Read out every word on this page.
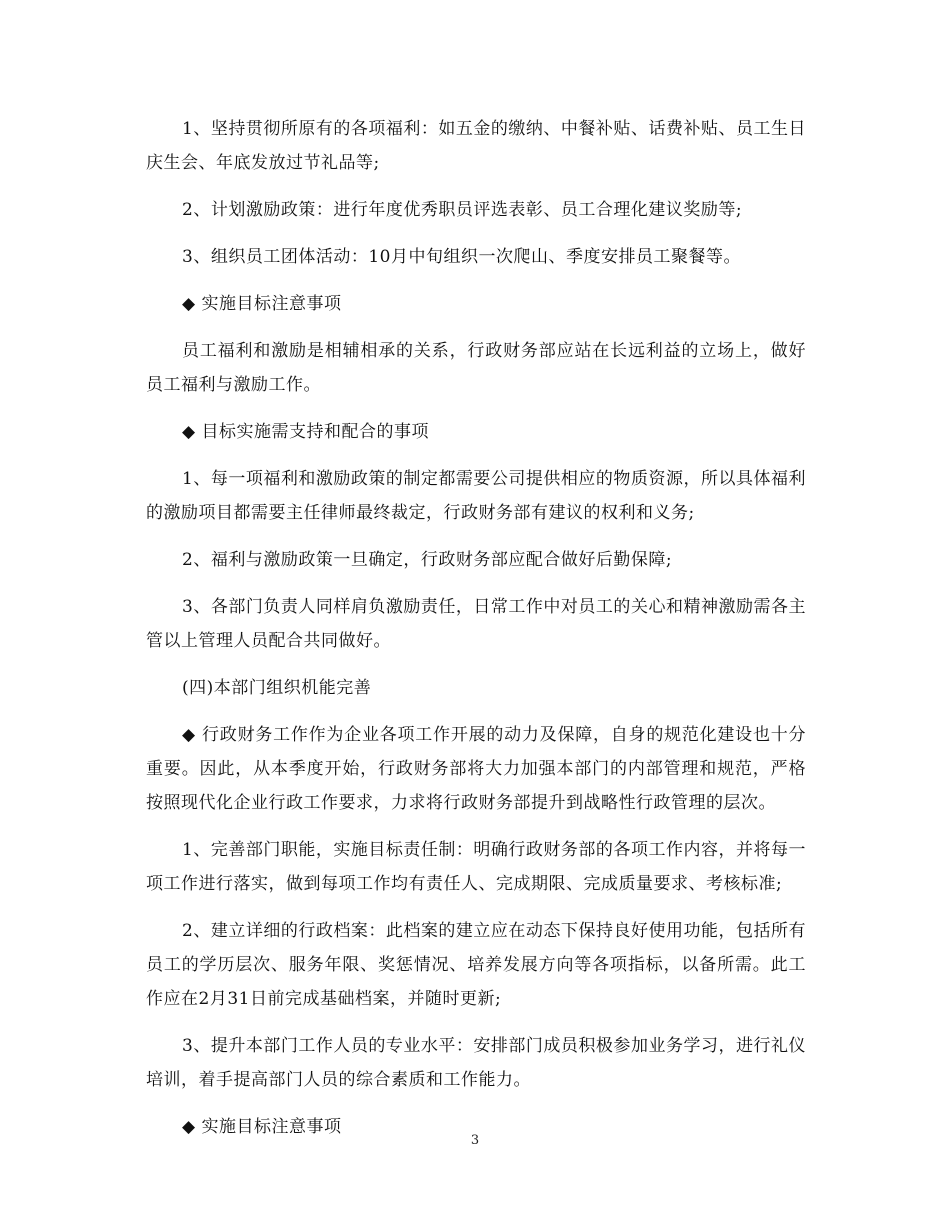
1、坚持贯彻所原有的各项福利：如五金的缴纳、中餐补贴、话费补贴、员工生日庆生会、年底发放过节礼品等;

2、计划激励政策：进行年度优秀职员评选表彰、员工合理化建议奖励等;

3、组织员工团体活动：10月中旬组织一次爬山、季度安排员工聚餐等。

◆ 实施目标注意事项

员工福利和激励是相辅相承的关系，行政财务部应站在长远利益的立场上，做好员工福利与激励工作。

◆ 目标实施需支持和配合的事项

1、每一项福利和激励政策的制定都需要公司提供相应的物质资源，所以具体福利的激励项目都需要主任律师最终裁定，行政财务部有建议的权利和义务;

2、福利与激励政策一旦确定，行政财务部应配合做好后勤保障;

3、各部门负责人同样肩负激励责任，日常工作中对员工的关心和精神激励需各主管以上管理人员配合共同做好。

(四)本部门组织机能完善

◆ 行政财务工作作为企业各项工作开展的动力及保障，自身的规范化建设也十分重要。因此，从本季度开始，行政财务部将大力加强本部门的内部管理和规范，严格按照现代化企业行政工作要求，力求将行政财务部提升到战略性行政管理的层次。

1、完善部门职能，实施目标责任制：明确行政财务部的各项工作内容，并将每一项工作进行落实，做到每项工作均有责任人、完成期限、完成质量要求、考核标准;

2、建立详细的行政档案：此档案的建立应在动态下保持良好使用功能，包括所有员工的学历层次、服务年限、奖惩情况、培养发展方向等各项指标，以备所需。此工作应在2月31日前完成基础档案，并随时更新;

3、提升本部门工作人员的专业水平：安排部门成员积极参加业务学习，进行礼仪培训，着手提高部门人员的综合素质和工作能力。

◆ 实施目标注意事项

3
